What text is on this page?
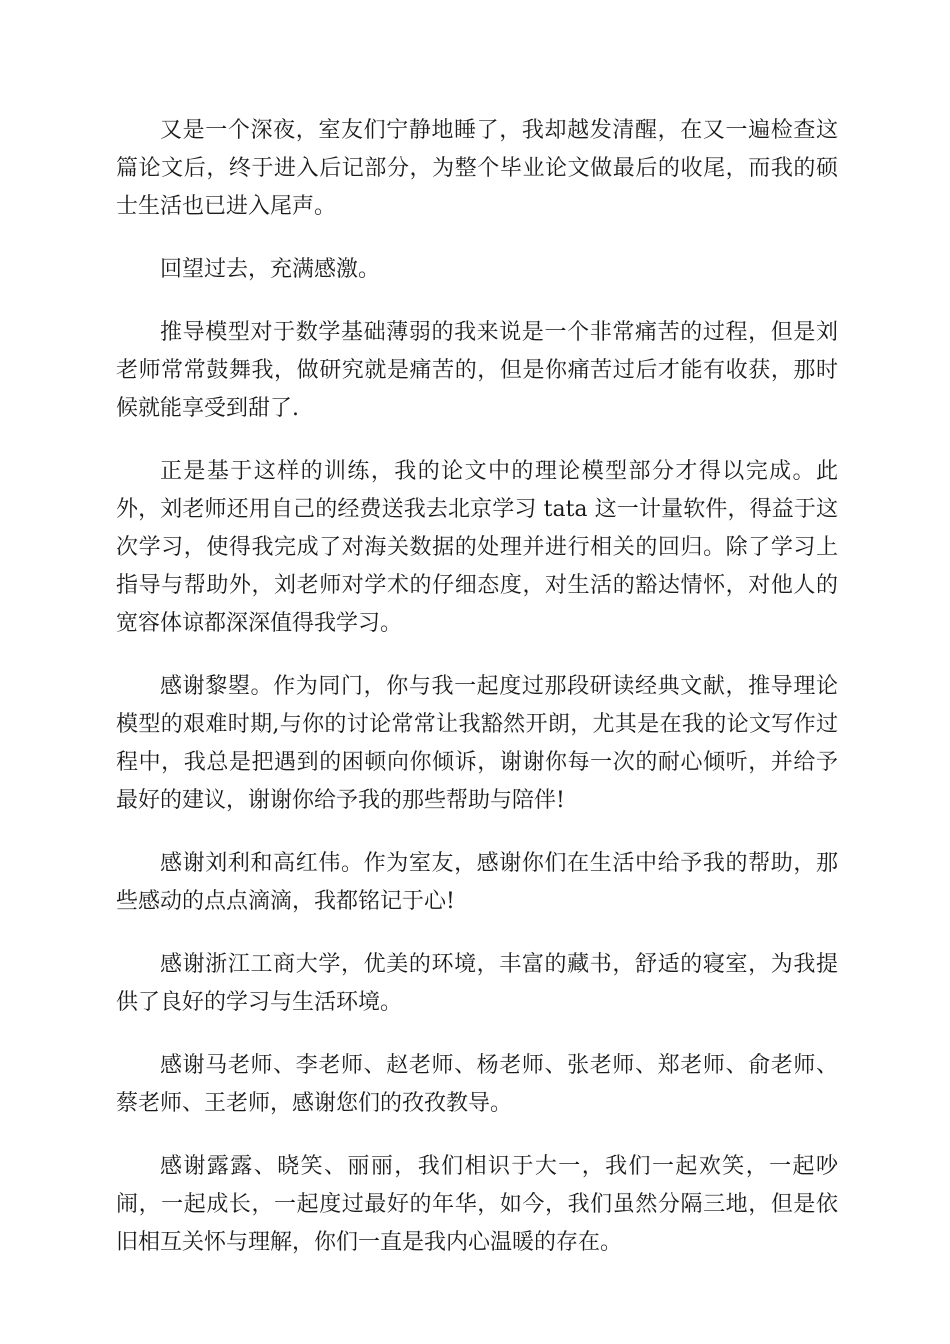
又是一个深夜，室友们宁静地睡了，我却越发清醒，在又一遍检查这篇论文后，终于进入后记部分，为整个毕业论文做最后的收尾，而我的硕士生活也已进入尾声。

回望过去，充满感激。

推导模型对于数学基础薄弱的我来说是一个非常痛苦的过程，但是刘老师常常鼓舞我，做研究就是痛苦的，但是你痛苦过后才能有收获，那时候就能享受到甜了.

正是基于这样的训练，我的论文中的理论模型部分才得以完成。此外，刘老师还用自己的经费送我去北京学习 tata 这一计量软件，得益于这次学习，使得我完成了对海关数据的处理并进行相关的回归。除了学习上指导与帮助外，刘老师对学术的仔细态度，对生活的豁达情怀，对他人的宽容体谅都深深值得我学习。

感谢黎曌。作为同门，你与我一起度过那段研读经典文献，推导理论模型的艰难时期,与你的讨论常常让我豁然开朗，尤其是在我的论文写作过程中，我总是把遇到的困顿向你倾诉，谢谢你每一次的耐心倾听，并给予最好的建议，谢谢你给予我的那些帮助与陪伴!

感谢刘利和高红伟。作为室友，感谢你们在生活中给予我的帮助，那些感动的点点滴滴，我都铭记于心!

感谢浙江工商大学，优美的环境，丰富的藏书，舒适的寝室，为我提供了良好的学习与生活环境。

感谢马老师、李老师、赵老师、杨老师、张老师、郑老师、俞老师、蔡老师、王老师，感谢您们的孜孜教导。

感谢露露、晓笑、丽丽，我们相识于大一，我们一起欢笑，一起吵闹，一起成长，一起度过最好的年华，如今，我们虽然分隔三地，但是依旧相互关怀与理解，你们一直是我内心温暖的存在。
